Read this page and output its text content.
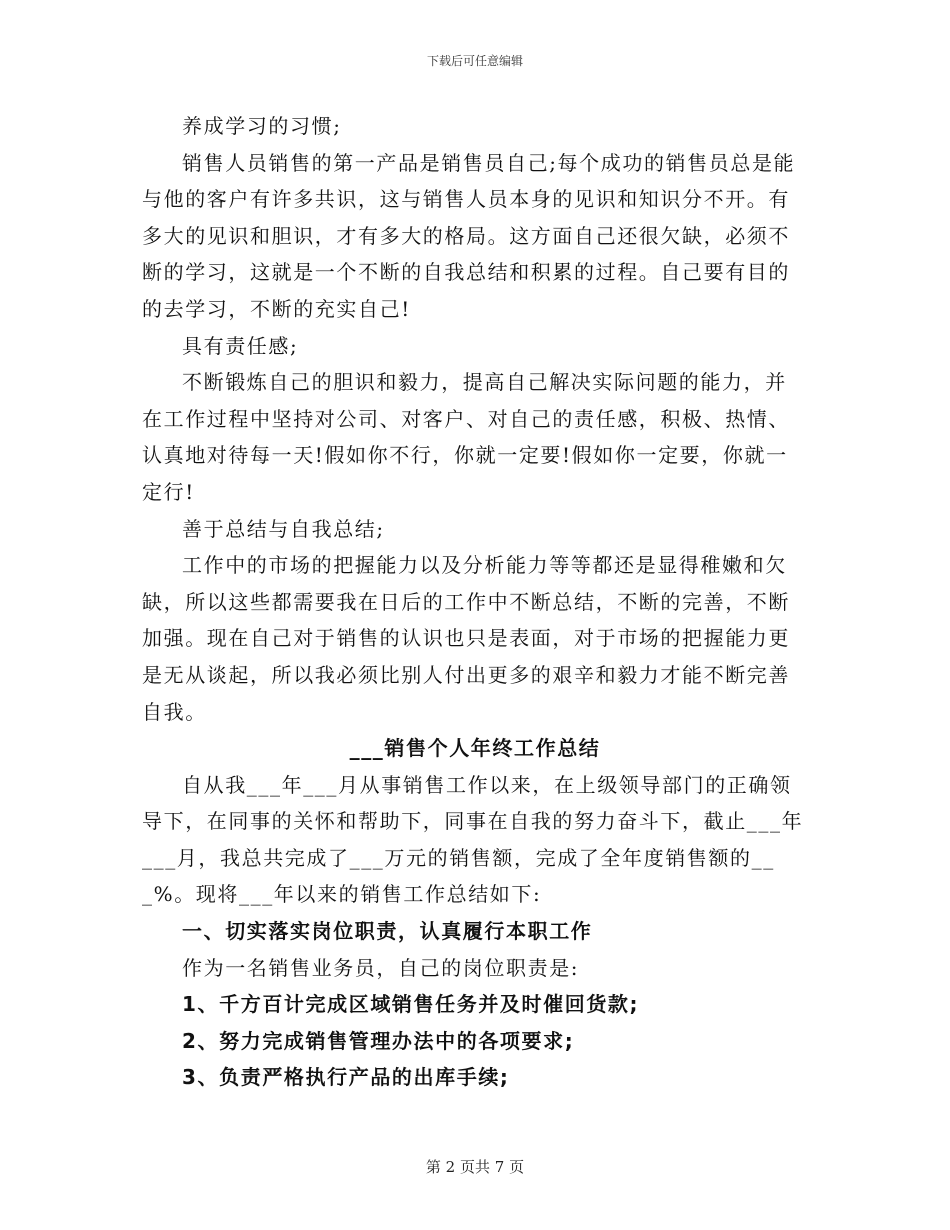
下载后可任意编辑

养成学习的习惯;

销售人员销售的第一产品是销售员自己;每个成功的销售员总是能与他的客户有许多共识，这与销售人员本身的见识和知识分不开。有多大的见识和胆识，才有多大的格局。这方面自己还很欠缺，必须不断的学习，这就是一个不断的自我总结和积累的过程。自己要有目的的去学习，不断的充实自己!

具有责任感;

不断锻炼自己的胆识和毅力，提高自己解决实际问题的能力，并在工作过程中坚持对公司、对客户、对自己的责任感，积极、热情、认真地对待每一天!假如你不行，你就一定要!假如你一定要，你就一定行!

善于总结与自我总结;

工作中的市场的把握能力以及分析能力等等都还是显得稚嫩和欠缺，所以这些都需要我在日后的工作中不断总结，不断的完善，不断加强。现在自己对于销售的认识也只是表面，对于市场的把握能力更是无从谈起，所以我必须比别人付出更多的艰辛和毅力才能不断完善自我。

___销售个人年终工作总结

自从我___年___月从事销售工作以来，在上级领导部门的正确领导下，在同事的关怀和帮助下，同事在自我的努力奋斗下，截止___年___月，我总共完成了___万元的销售额，完成了全年度销售额的___%。现将___年以来的销售工作总结如下:

一、切实落实岗位职责，认真履行本职工作

作为一名销售业务员，自己的岗位职责是:

1、千方百计完成区域销售任务并及时催回货款;

2、努力完成销售管理办法中的各项要求;

3、负责严格执行产品的出库手续;

第 2 页共 7 页
